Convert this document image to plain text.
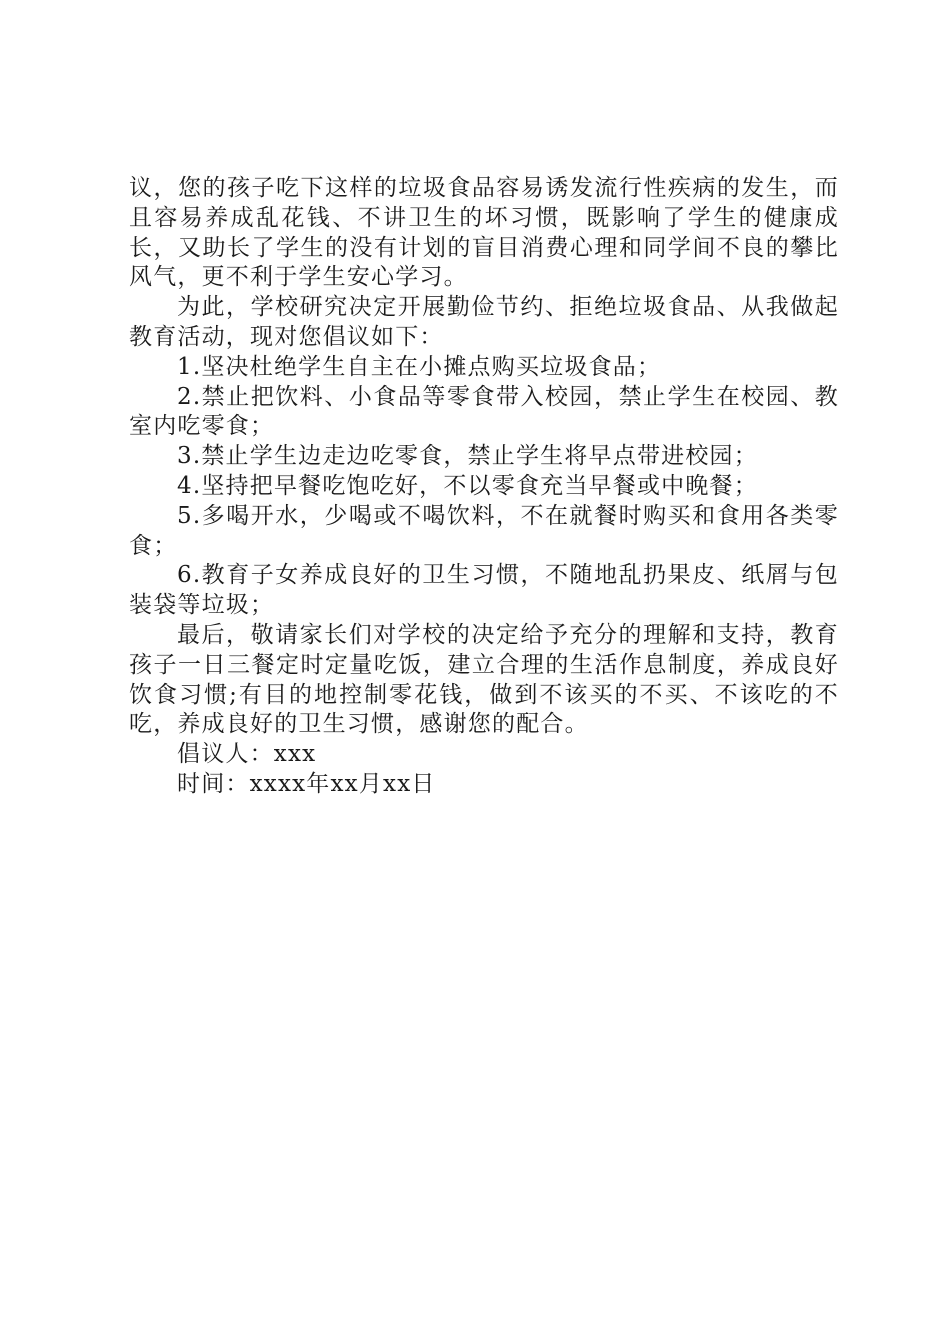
议，您的孩子吃下这样的垃圾食品容易诱发流行性疾病的发生，而且容易养成乱花钱、不讲卫生的坏习惯，既影响了学生的健康成长，又助长了学生的没有计划的盲目消费心理和同学间不良的攀比风气，更不利于学生安心学习。

为此，学校研究决定开展勤俭节约、拒绝垃圾食品、从我做起教育活动，现对您倡议如下：

1.坚决杜绝学生自主在小摊点购买垃圾食品；

2.禁止把饮料、小食品等零食带入校园，禁止学生在校园、教室内吃零食；

3.禁止学生边走边吃零食，禁止学生将早点带进校园；

4.坚持把早餐吃饱吃好，不以零食充当早餐或中晚餐；

5.多喝开水，少喝或不喝饮料，不在就餐时购买和食用各类零食；

6.教育子女养成良好的卫生习惯，不随地乱扔果皮、纸屑与包装袋等垃圾；

最后，敬请家长们对学校的决定给予充分的理解和支持，教育孩子一日三餐定时定量吃饭，建立合理的生活作息制度，养成良好饮食习惯;有目的地控制零花钱，做到不该买的不买、不该吃的不吃，养成良好的卫生习惯，感谢您的配合。

倡议人：xxx

时间：xxxx年xx月xx日
